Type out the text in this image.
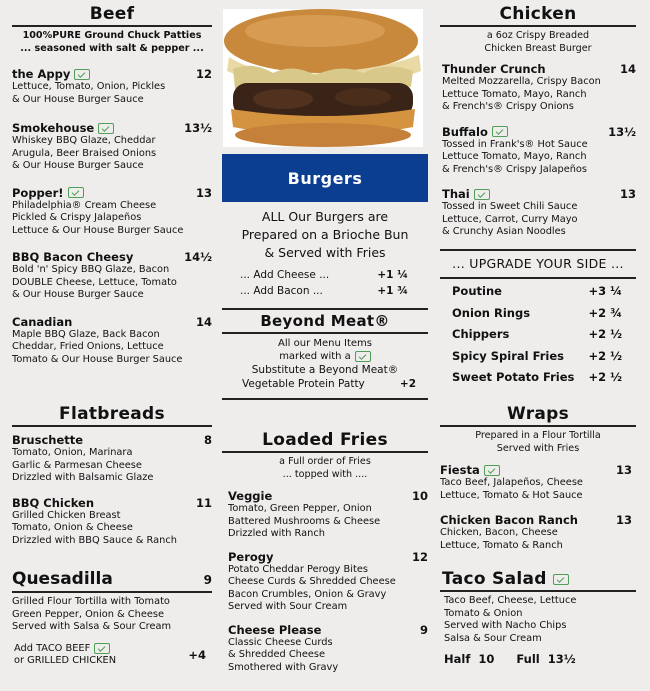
Beef
100%PURE Ground Chuck Patties
... seasoned with salt & pepper ...
the Appy	12
Lettuce, Tomato, Onion, Pickles
& Our House Burger Sauce
Smokehouse	13½
Whiskey BBQ Glaze, Cheddar
Arugula, Beer Braised Onions
& Our House Burger Sauce
Popper!	13
Philadelphia® Cream Cheese
Pickled & Crispy Jalapeños
Lettuce & Our House Burger Sauce
BBQ Bacon Cheesy	14½
Bold 'n' Spicy BBQ Glaze, Bacon
DOUBLE Cheese, Lettuce, Tomato
& Our House Burger Sauce
Canadian	14
Maple BBQ Glaze, Back Bacon
Cheddar, Fried Onions, Lettuce
Tomato & Our House Burger Sauce
Flatbreads
Bruschette	8
Tomato, Onion, Marinara
Garlic & Parmesan Cheese
Drizzled with Balsamic Glaze
BBQ Chicken	11
Grilled Chicken Breast
Tomato, Onion & Cheese
Drizzled with BBQ Sauce & Ranch
Quesadilla	9
Grilled Flour Tortilla with Tomato
Green Pepper, Onion & Cheese
Served with Salsa & Sour Cream
Add TACO BEEF
or GRILLED CHICKEN	+4
Burgers
ALL Our Burgers are
Prepared on a Brioche Bun
& Served with Fries
... Add Cheese ...	+1 ¼
... Add Bacon ...	+1 ¾
Beyond Meat®
All our Menu Items
marked with a
Substitute a Beyond Meat®
Vegetable Protein Patty	+2
Loaded Fries
a Full order of Fries
... topped with ....
Veggie	10
Tomato, Green Pepper, Onion
Battered Mushrooms & Cheese
Drizzled with Ranch
Perogy	12
Potato Cheddar Perogy Bites
Cheese Curds & Shredded Cheese
Bacon Crumbles, Onion & Gravy
Served with Sour Cream
Cheese Please	9
Classic Cheese Curds
& Shredded Cheese
Smothered with Gravy
Chicken
a 6oz Crispy Breaded
Chicken Breast Burger
Thunder Crunch	14
Melted Mozzarella, Crispy Bacon
Lettuce Tomato, Mayo, Ranch
& French's® Crispy Onions
Buffalo	13½
Tossed in Frank's® Hot Sauce
Lettuce Tomato, Mayo, Ranch
& French's® Crispy Jalapeños
Thai	13
Tossed in Sweet Chili Sauce
Lettuce, Carrot, Curry Mayo
& Crunchy Asian Noodles
... UPGRADE YOUR SIDE ...
Poutine	+3 ¼
Onion Rings	+2 ¾
Chippers	+2 ½
Spicy Spiral Fries +2 ½
Sweet Potato Fries +2 ½
Wraps
Prepared in a Flour Tortilla
Served with Fries
Fiesta	13
Taco Beef, Jalapeños, Cheese
Lettuce, Tomato & Hot Sauce
Chicken Bacon Ranch	13
Chicken, Bacon, Cheese
Lettuce, Tomato & Ranch
Taco Salad
Taco Beef, Cheese, Lettuce
Tomato & Onion
Served with Nacho Chips
Salsa & Sour Cream
Half 10 Full 13½
